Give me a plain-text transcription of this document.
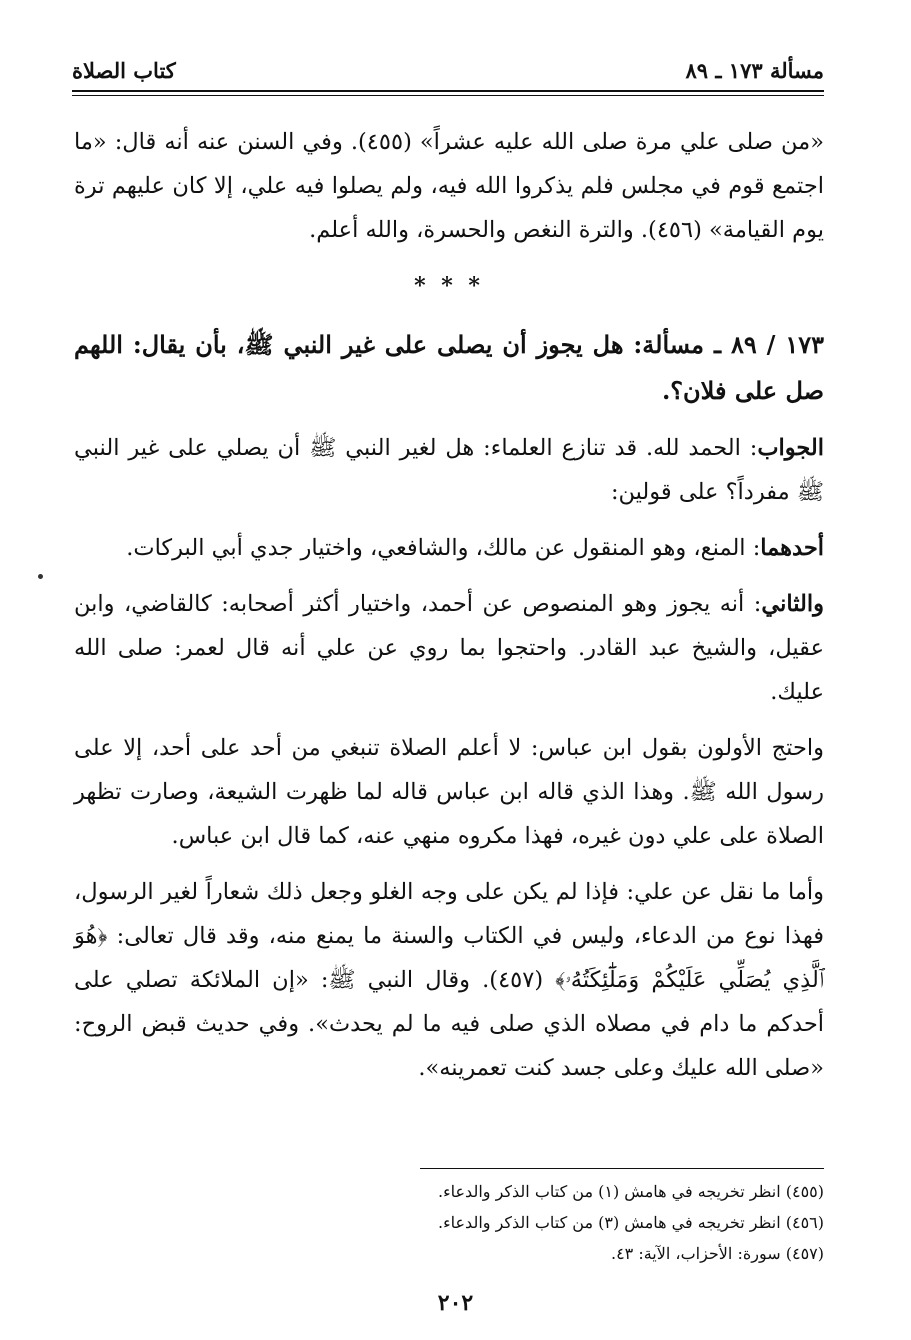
مسألة ١٧٣ ـ ٨٩
كتاب الصلاة

«من صلى علي مرة صلى الله عليه عشراً» (٤٥٥). وفي السنن عنه أنه قال: «ما اجتمع قوم في مجلس فلم يذكروا الله فيه، ولم يصلوا فيه علي، إلا كان عليهم ترة يوم القيامة» (٤٥٦). والترة النغص والحسرة، والله أعلم.

* * *

١٧٣ / ٨٩ ـ مسألة: هل يجوز أن يصلى على غير النبي ﷺ، بأن يقال: اللهم صل على فلان؟.

الجواب: الحمد لله. قد تنازع العلماء: هل لغير النبي ﷺ أن يصلي على غير النبي ﷺ مفرداً؟ على قولين:

أحدهما: المنع، وهو المنقول عن مالك، والشافعي، واختيار جدي أبي البركات.

والثاني: أنه يجوز وهو المنصوص عن أحمد، واختيار أكثر أصحابه: كالقاضي، وابن عقيل، والشيخ عبد القادر. واحتجوا بما روي عن علي أنه قال لعمر: صلى الله عليك.

واحتج الأولون بقول ابن عباس: لا أعلم الصلاة تنبغي من أحد على أحد، إلا على رسول الله ﷺ. وهذا الذي قاله ابن عباس قاله لما ظهرت الشيعة، وصارت تظهر الصلاة على علي دون غيره، فهذا مكروه منهي عنه، كما قال ابن عباس.

وأما ما نقل عن علي: فإذا لم يكن على وجه الغلو وجعل ذلك شعاراً لغير الرسول، فهذا نوع من الدعاء، وليس في الكتاب والسنة ما يمنع منه، وقد قال تعالى: ﴿هُوَ ٱلَّذِي يُصَلِّي عَلَيْكُمْ وَمَلَٰٓئِكَتُهُۥ﴾ (٤٥٧). وقال النبي ﷺ: «إن الملائكة تصلي على أحدكم ما دام في مصلاه الذي صلى فيه ما لم يحدث». وفي حديث قبض الروح: «صلى الله عليك وعلى جسد كنت تعمرينه».

(٤٥٥) انظر تخريجه في هامش (١) من كتاب الذكر والدعاء.
(٤٥٦) انظر تخريجه في هامش (٣) من كتاب الذكر والدعاء.
(٤٥٧) سورة: الأحزاب، الآية: ٤٣.
٢٠٢
